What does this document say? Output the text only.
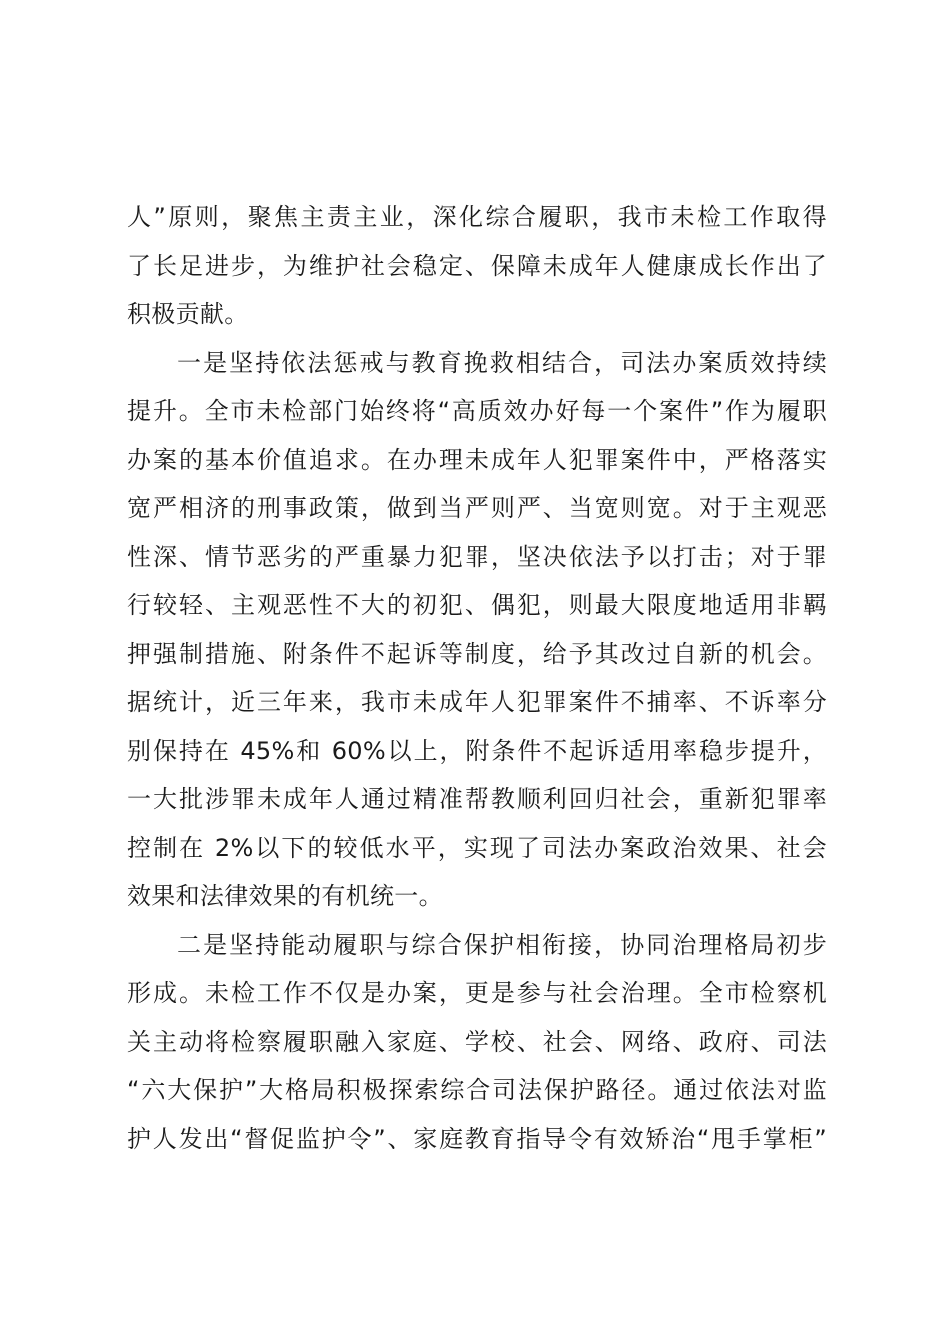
人”原则，聚焦主责主业，深化综合履职，我市未检工作取得
了长足进步，为维护社会稳定、保障未成年人健康成长作出了
积极贡献。
一是坚持依法惩戒与教育挽救相结合，司法办案质效持续
提升。全市未检部门始终将“高质效办好每一个案件”作为履职
办案的基本价值追求。在办理未成年人犯罪案件中，严格落实
宽严相济的刑事政策，做到当严则严、当宽则宽。对于主观恶
性深、情节恶劣的严重暴力犯罪，坚决依法予以打击；对于罪
行较轻、主观恶性不大的初犯、偶犯，则最大限度地适用非羁
押强制措施、附条件不起诉等制度，给予其改过自新的机会。
据统计，近三年来，我市未成年人犯罪案件不捕率、不诉率分
别保持在 45%和 60%以上，附条件不起诉适用率稳步提升，
一大批涉罪未成年人通过精准帮教顺利回归社会，重新犯罪率
控制在 2%以下的较低水平，实现了司法办案政治效果、社会
效果和法律效果的有机统一。
二是坚持能动履职与综合保护相衔接，协同治理格局初步
形成。未检工作不仅是办案，更是参与社会治理。全市检察机
关主动将检察履职融入家庭、学校、社会、网络、政府、司法
“六大保护”大格局积极探索综合司法保护路径。通过依法对监
护人发出“督促监护令”、家庭教育指导令有效矫治“甩手掌柜”
